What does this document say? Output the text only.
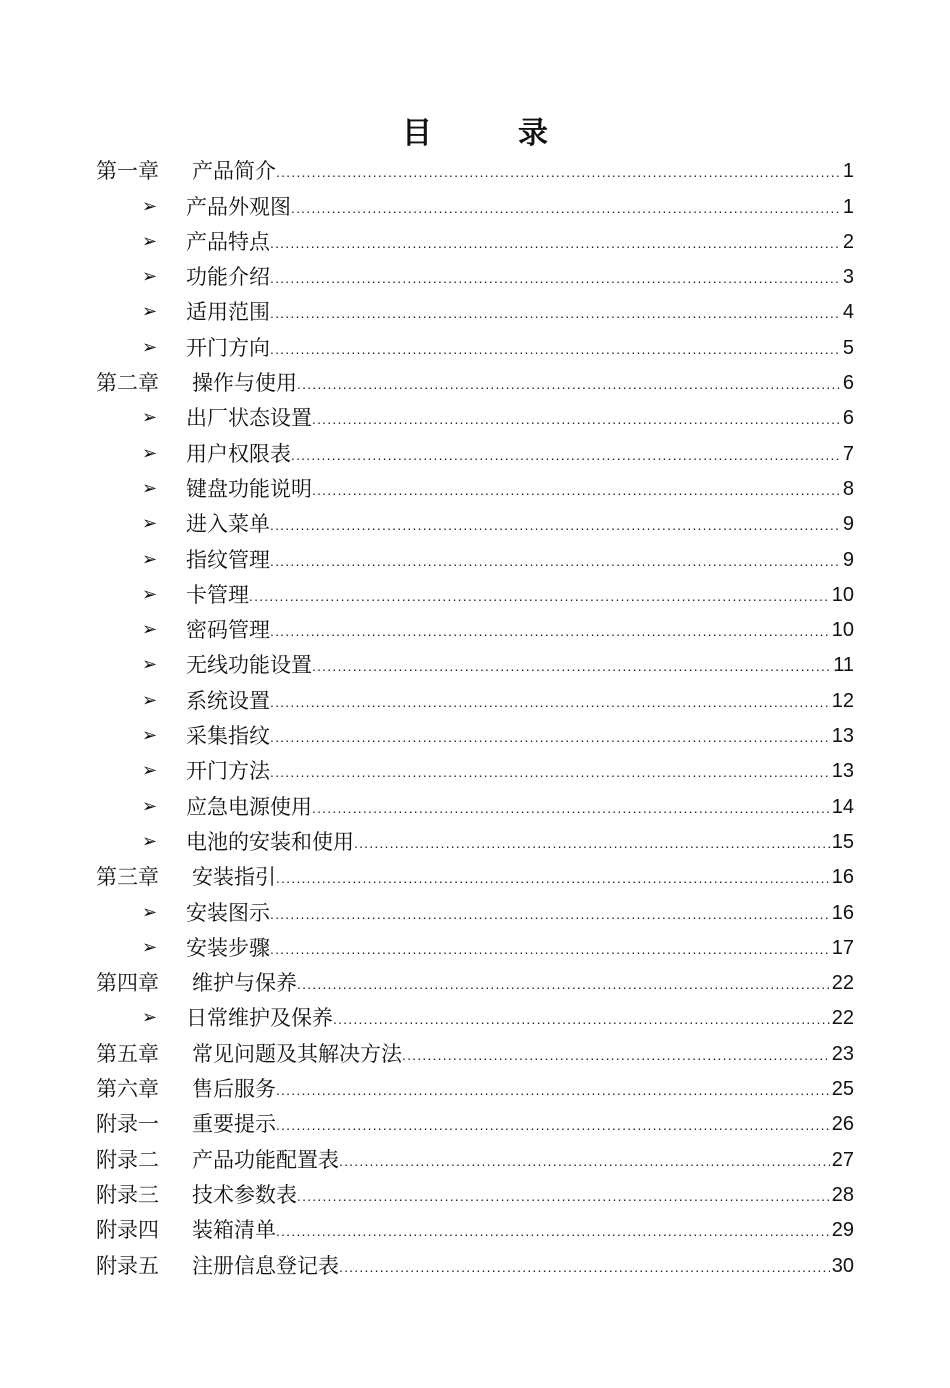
目	录
第一章	产品简介 .....	1
➢	产品外观图 .....	1
➢	产品特点 .....	2
➢	功能介绍 .....	3
➢	适用范围 .....	4
➢	开门方向 .....	5
第二章	操作与使用 .....	6
➢	出厂状态设置 .....	6
➢	用户权限表 .....	7
➢	键盘功能说明 .....	8
➢	进入菜单 .....	9
➢	指纹管理 .....	9
➢	卡管理 .....	10
➢	密码管理 .....	10
➢	无线功能设置 .....	11
➢	系统设置 .....	12
➢	采集指纹 .....	13
➢	开门方法 .....	13
➢	应急电源使用 .....	14
➢	电池的安装和使用 .....	15
第三章	安装指引 .....	16
➢	安装图示 .....	16
➢	安装步骤 .....	17
第四章	维护与保养 .....	22
➢	日常维护及保养 .....	22
第五章	常见问题及其解决方法 .....	23
第六章	售后服务 .....	25
附录一	重要提示 .....	26
附录二	产品功能配置表 .....	27
附录三	技术参数表 .....	28
附录四	装箱清单 .....	29
附录五	注册信息登记表 .....	30
